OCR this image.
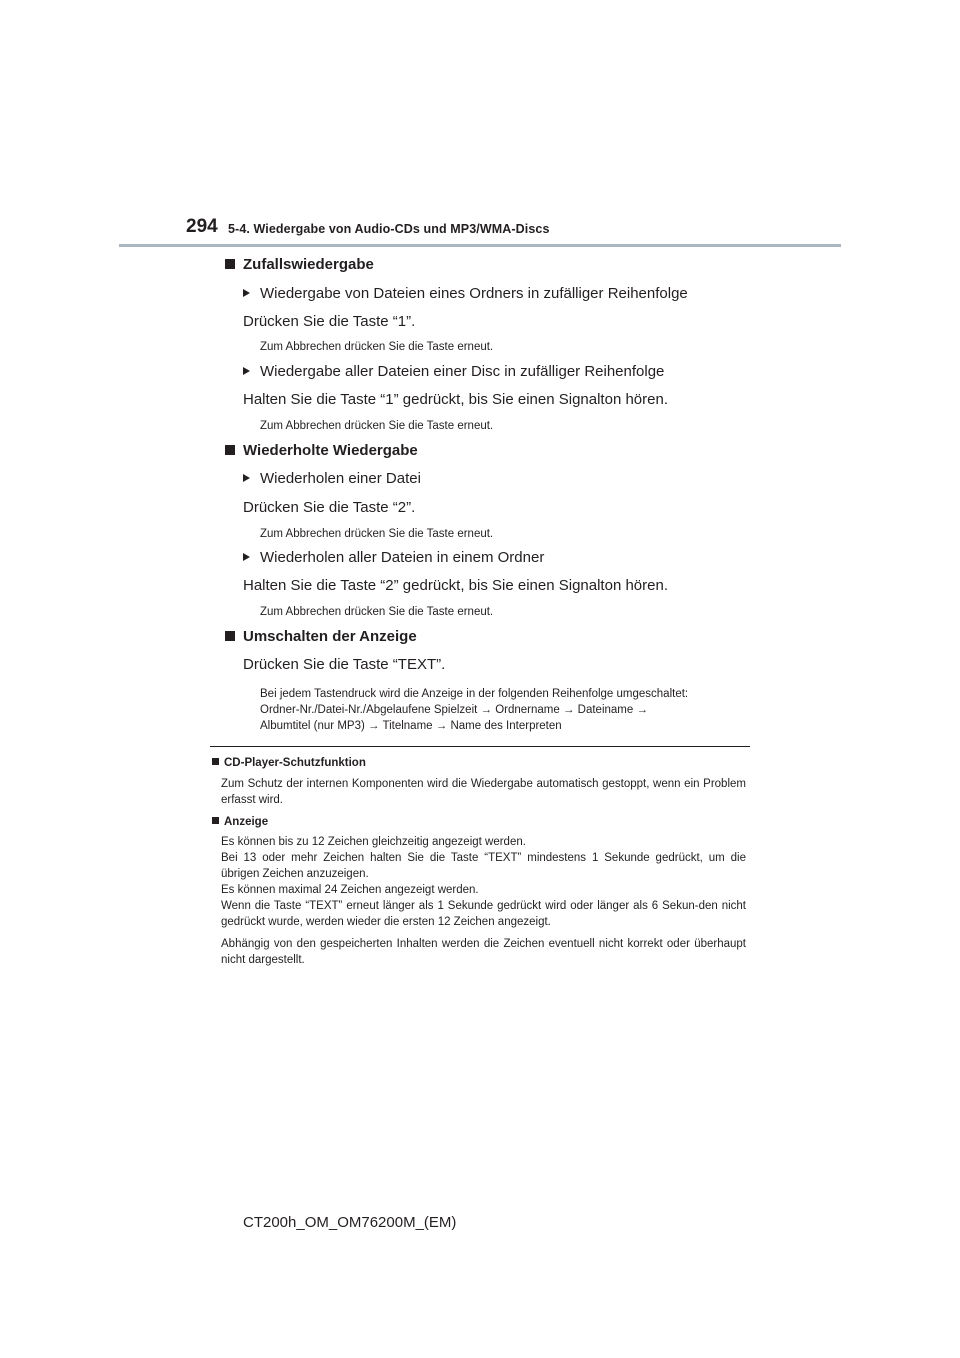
294 5-4. Wiedergabe von Audio-CDs und MP3/WMA-Discs
Zufallswiedergabe
Wiedergabe von Dateien eines Ordners in zufälliger Reihenfolge
Drücken Sie die Taste “1”.
Zum Abbrechen drücken Sie die Taste erneut.
Wiedergabe aller Dateien einer Disc in zufälliger Reihenfolge
Halten Sie die Taste “1” gedrückt, bis Sie einen Signalton hören.
Zum Abbrechen drücken Sie die Taste erneut.
Wiederholte Wiedergabe
Wiederholen einer Datei
Drücken Sie die Taste “2”.
Zum Abbrechen drücken Sie die Taste erneut.
Wiederholen aller Dateien in einem Ordner
Halten Sie die Taste “2” gedrückt, bis Sie einen Signalton hören.
Zum Abbrechen drücken Sie die Taste erneut.
Umschalten der Anzeige
Drücken Sie die Taste “TEXT”.
Bei jedem Tastendruck wird die Anzeige in der folgenden Reihenfolge umgeschaltet:
Ordner-Nr./Datei-Nr./Abgelaufene Spielzeit → Ordnername → Dateiname →
Albumtitel (nur MP3) → Titelname → Name des Interpreten
CD-Player-Schutzfunktion
Zum Schutz der internen Komponenten wird die Wiedergabe automatisch gestoppt, wenn ein Problem erfasst wird.
Anzeige
Es können bis zu 12 Zeichen gleichzeitig angezeigt werden.
Bei 13 oder mehr Zeichen halten Sie die Taste “TEXT” mindestens 1 Sekunde gedrückt, um die übrigen Zeichen anzuzeigen.
Es können maximal 24 Zeichen angezeigt werden.
Wenn die Taste “TEXT” erneut länger als 1 Sekunde gedrückt wird oder länger als 6 Sekun-den nicht gedrückt wurde, werden wieder die ersten 12 Zeichen angezeigt.
Abhängig von den gespeicherten Inhalten werden die Zeichen eventuell nicht korrekt oder überhaupt nicht dargestellt.
CT200h_OM_OM76200M_(EM)
